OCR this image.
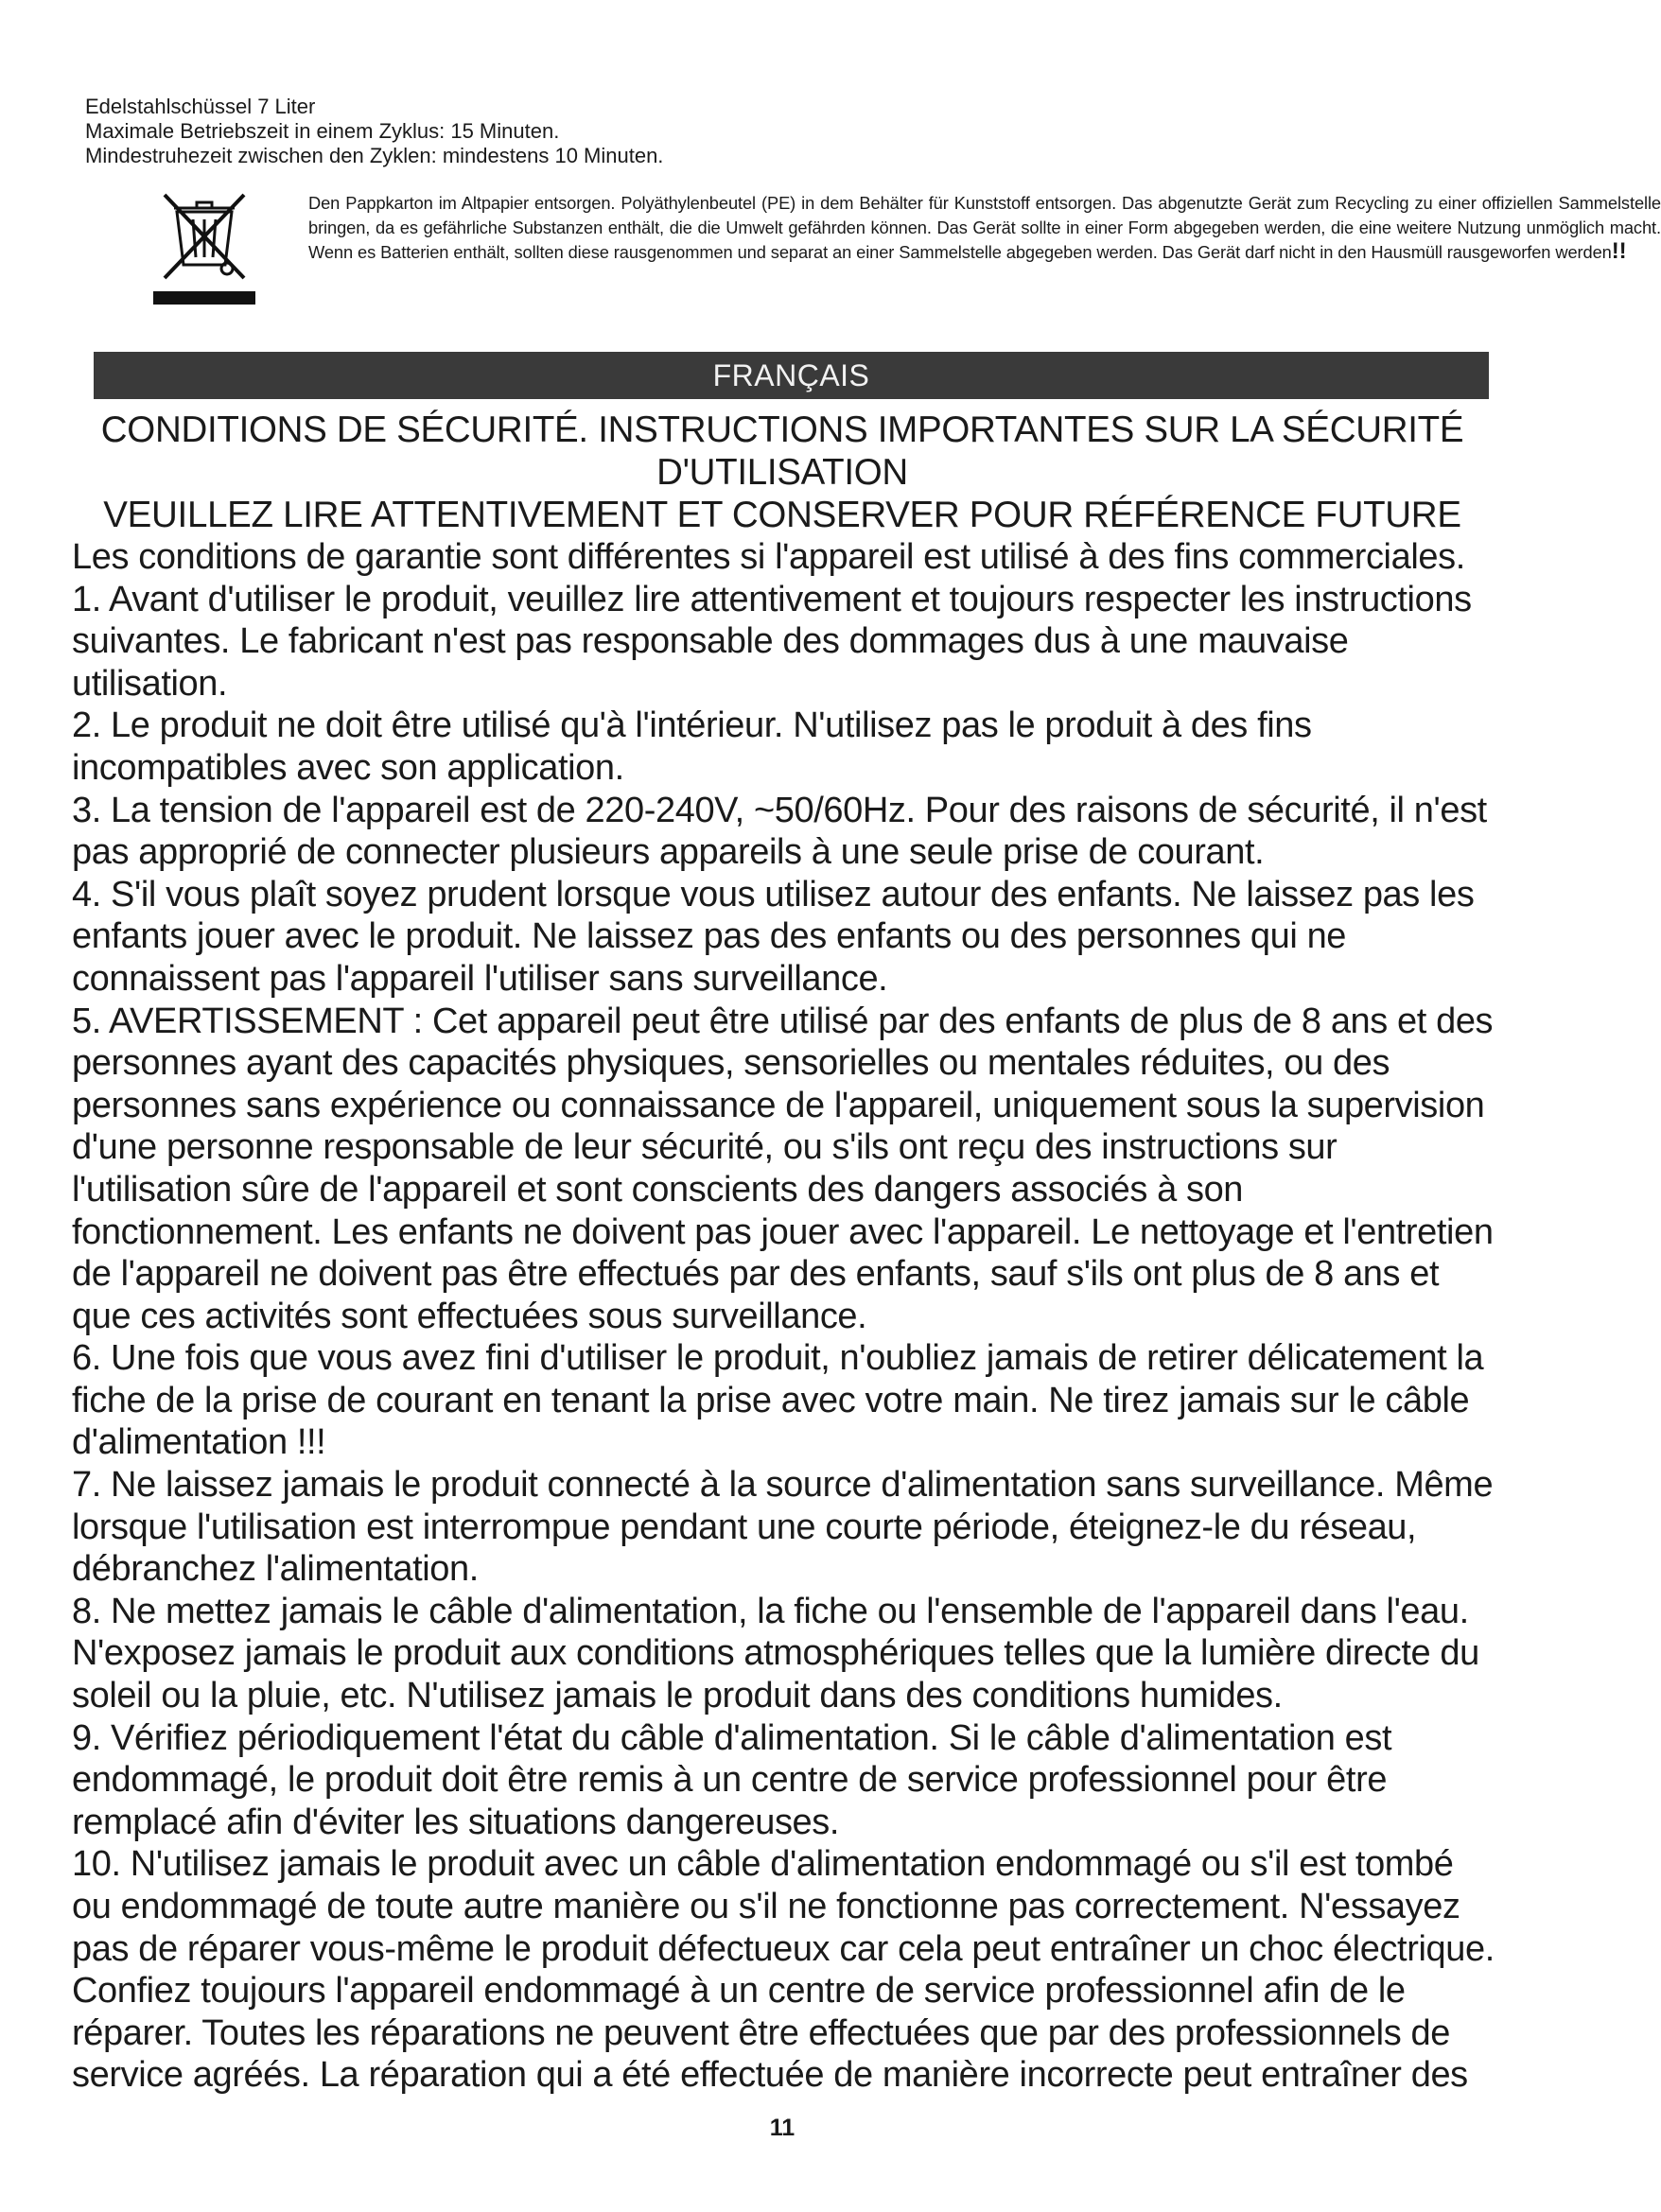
Edelstahlschüssel 7 Liter
Maximale Betriebszeit in einem Zyklus: 15 Minuten.
Mindestruhezeit zwischen den Zyklen: mindestens 10 Minuten.
Den Pappkarton im Altpapier entsorgen. Polyäthylenbeutel (PE) in dem Behälter für Kunststoff entsorgen. Das abgenutzte Gerät zum Recycling zu einer offiziellen Sammelstelle bringen, da es gefährliche Substanzen enthält, die die Umwelt gefährden können. Das Gerät sollte in einer Form abgegeben werden, die eine weitere Nutzung unmöglich macht. Wenn es Batterien enthält, sollten diese rausgenommen und separat an einer Sammelstelle abgegeben werden. Das Gerät darf nicht in den Hausmüll rausgeworfen werden!!
FRANÇAIS
CONDITIONS DE SÉCURITÉ. INSTRUCTIONS IMPORTANTES SUR LA SÉCURITÉ
D'UTILISATION
VEUILLEZ LIRE ATTENTIVEMENT ET CONSERVER POUR RÉFÉRENCE FUTURE
Les conditions de garantie sont différentes si l'appareil est utilisé à des fins commerciales.
1. Avant d'utiliser le produit, veuillez lire attentivement et toujours respecter les instructions
suivantes. Le fabricant n'est pas responsable des dommages dus à une mauvaise
utilisation.
2. Le produit ne doit être utilisé qu'à l'intérieur. N'utilisez pas le produit à des fins
incompatibles avec son application.
3. La tension de l'appareil est de 220-240V, ~50/60Hz. Pour des raisons de sécurité, il n'est
pas approprié de connecter plusieurs appareils à une seule prise de courant.
4. S'il vous plaît soyez prudent lorsque vous utilisez autour des enfants. Ne laissez pas les
enfants jouer avec le produit. Ne laissez pas des enfants ou des personnes qui ne
connaissent pas l'appareil l'utiliser sans surveillance.
5. AVERTISSEMENT : Cet appareil peut être utilisé par des enfants de plus de 8 ans et des
personnes ayant des capacités physiques, sensorielles ou mentales réduites, ou des
personnes sans expérience ou connaissance de l'appareil, uniquement sous la supervision
d'une personne responsable de leur sécurité, ou s'ils ont reçu des instructions sur
l'utilisation sûre de l'appareil et sont conscients des dangers associés à son
fonctionnement. Les enfants ne doivent pas jouer avec l'appareil. Le nettoyage et l'entretien
de l'appareil ne doivent pas être effectués par des enfants, sauf s'ils ont plus de 8 ans et
que ces activités sont effectuées sous surveillance.
6. Une fois que vous avez fini d'utiliser le produit, n'oubliez jamais de retirer délicatement la
fiche de la prise de courant en tenant la prise avec votre main. Ne tirez jamais sur le câble
d'alimentation !!!
7. Ne laissez jamais le produit connecté à la source d'alimentation sans surveillance. Même
lorsque l'utilisation est interrompue pendant une courte période, éteignez-le du réseau,
débranchez l'alimentation.
8. Ne mettez jamais le câble d'alimentation, la fiche ou l'ensemble de l'appareil dans l'eau.
N'exposez jamais le produit aux conditions atmosphériques telles que la lumière directe du
soleil ou la pluie, etc. N'utilisez jamais le produit dans des conditions humides.
9. Vérifiez périodiquement l'état du câble d'alimentation. Si le câble d'alimentation est
endommagé, le produit doit être remis à un centre de service professionnel pour être
remplacé afin d'éviter les situations dangereuses.
10. N'utilisez jamais le produit avec un câble d'alimentation endommagé ou s'il est tombé
ou endommagé de toute autre manière ou s'il ne fonctionne pas correctement. N'essayez
pas de réparer vous-même le produit défectueux car cela peut entraîner un choc électrique.
Confiez toujours l'appareil endommagé à un centre de service professionnel afin de le
réparer. Toutes les réparations ne peuvent être effectuées que par des professionnels de
service agréés. La réparation qui a été effectuée de manière incorrecte peut entraîner des
11
